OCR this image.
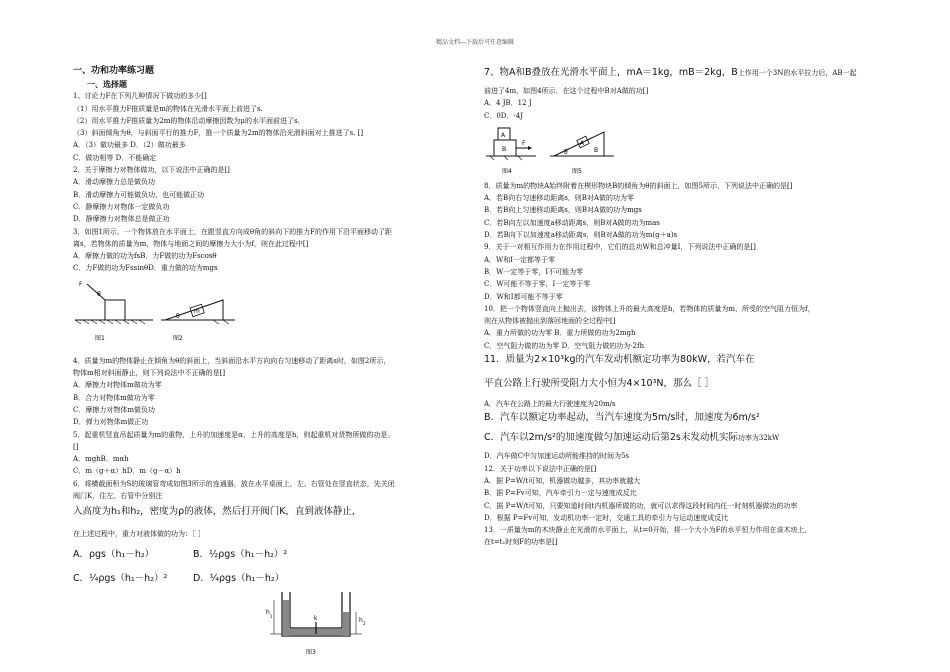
精品文档---下载后可任意编辑
一、功和功率练习题
一、选择题
1、讨论力F在下列几种情况下做功的多少[]
（1）用水平推力F推质量是m的物体在光滑水平面上前进了s.
（2）用水平推力F推质量为2m的物体沿动摩擦因数为μ的水平面前进了s.
（3）斜面倾角为θ，与斜面平行的推力F，推一个质量为2m的物体沿光滑斜面对上推进了s. []
A．（3）做功最多 D．（2）做功最多
C．做功相等 D．不能确定
2．关于摩擦力对物体做功，以下说法中正确的是[]
A．滑动摩擦力总是做负功
B．滑动摩擦力可能做负功，也可能做正功
C．静摩擦力对物体一定做负功
D．静摩擦力对物体总是做正功
3．如图1所示，一个物体放在水平面上，在跟竖直方向成θ角的斜向下的推力F的作用下沿平面移动了距
离s，若物体的质量为m，物体与地面之间的摩擦力大小为f，则在此过程中[]
A．摩擦力做的功为fsB．力F做的功为Fscosθ
C．力F做的功为FssinθD．重力做的功为mgs
4．质量为m的物体静止在倾角为θ的斜面上，当斜面沿水平方向向右匀速移动了距离s时，如图2所示，
物体m相对斜面静止，则下列说法中不正确的是[]
A．摩擦力对物体m做功为零
B．合力对物体m做功为零
C．摩擦力对物体m做负功
D．弹力对物体m做正功
5．起重机竖直吊起质量为m的重物，上升的加速度是α，上升的高度是h，则起重机对货物所做的功是。
[]
A．mghB．mαh
C．m（g＋α）hD．m（g－α）h
6．将横截面积为S的玻璃管弯成如图3所示的连通器，放在水平桌面上，左、右管处在竖直状态，先关闭
阀门K，往左、右管中分别注
入高度为h₁和h₂，密度为ρ的液体，然后打开阀门K，直到液体静止，
在上述过程中，重力对液体做的功为：［ ］
A．ρgs（h₁－h₂）	B．½ρgs（h₁－h₂）²
C．¼ρgs（h₁－h₂）²	D．¼ρgs（h₁－h₂）
F
θ
图1
θ
m
图2
k
h
1
h 2
图3
7、物A和B叠放在光滑水平面上，mA＝1kg，mB＝2kg，B上作用一个3N的水平拉力后，AB一起
前进了4m，如图4所示．在这个过程中B对A做的功[]
A．4 JB．12 J
C．0D．-4J
8．质量为m的物块A始终附着在楔形物块B的倾角为θ的斜面上，如图5所示，下列说法中正确的是[]
A．若B向右匀速移动距离s，则B对A做的功为零
B．若B向上匀速移动距离s，则B对A做的功为mgs
C．若B向左以加速度a移动距离s，则B对A做的功为mas
D．若B向下以加速度a移动距离s，则B对A做的功为m(g＋a)s
9．关于一对相互作用力在作用过程中，它们的总功W和总冲量I，下列说法中正确的是[]
A．W和I一定都等于零
B．W一定等于零，I不可能为零
C．W可能不等于零，I一定等于零
D．W和I都可能不等于零
10．把一个物体竖直向上抛出去，该物体上升的最大高度是h，若物体的质量为m，所受的空气阻力恒为f，
则在从物体被抛出到落回地面的全过程中[]
A．重力所做的功为零 B．重力所做的功为2mgh
C．空气阻力做的功为零 D．空气阻力做的功为-2fh
11．质量为2×10³kg的汽车发动机额定功率为80kW，若汽车在
平直公路上行驶所受阻力大小恒为4×10³N，那么［ ］
A．汽车在公路上的最大行驶速度为20m/s
B．汽车以额定功率起动，当汽车速度为5m/s时，加速度为6m/s²
C．汽车以2m/s²的加速度做匀加速运动后第2s末发动机实际功率为32kW
D．汽车做C中匀加速运动所能维持的时间为5s
12．关于功率以下说法中正确的是[]
A．据 P=W/t可知，机器做功越多，其功率就越大
B．据 P=Fv可知，汽车牵引力一定与速度成反比
C．据 P=W/t可知，只要知道时间t内机器所做的功，就可以求得这段时间内任一时刻机器做功的功率
D．根据 P=Fv可知，发动机功率一定时，交通工具的牵引力与运动速度成反比
13．一质量为m的木块静止在光滑的水平面上，从t=0开始，将一个大小为F的水平恒力作用在该木块上，
在t=t₁时刻F的功率是[]
A
B
F
图4
A
B
θ
图5
